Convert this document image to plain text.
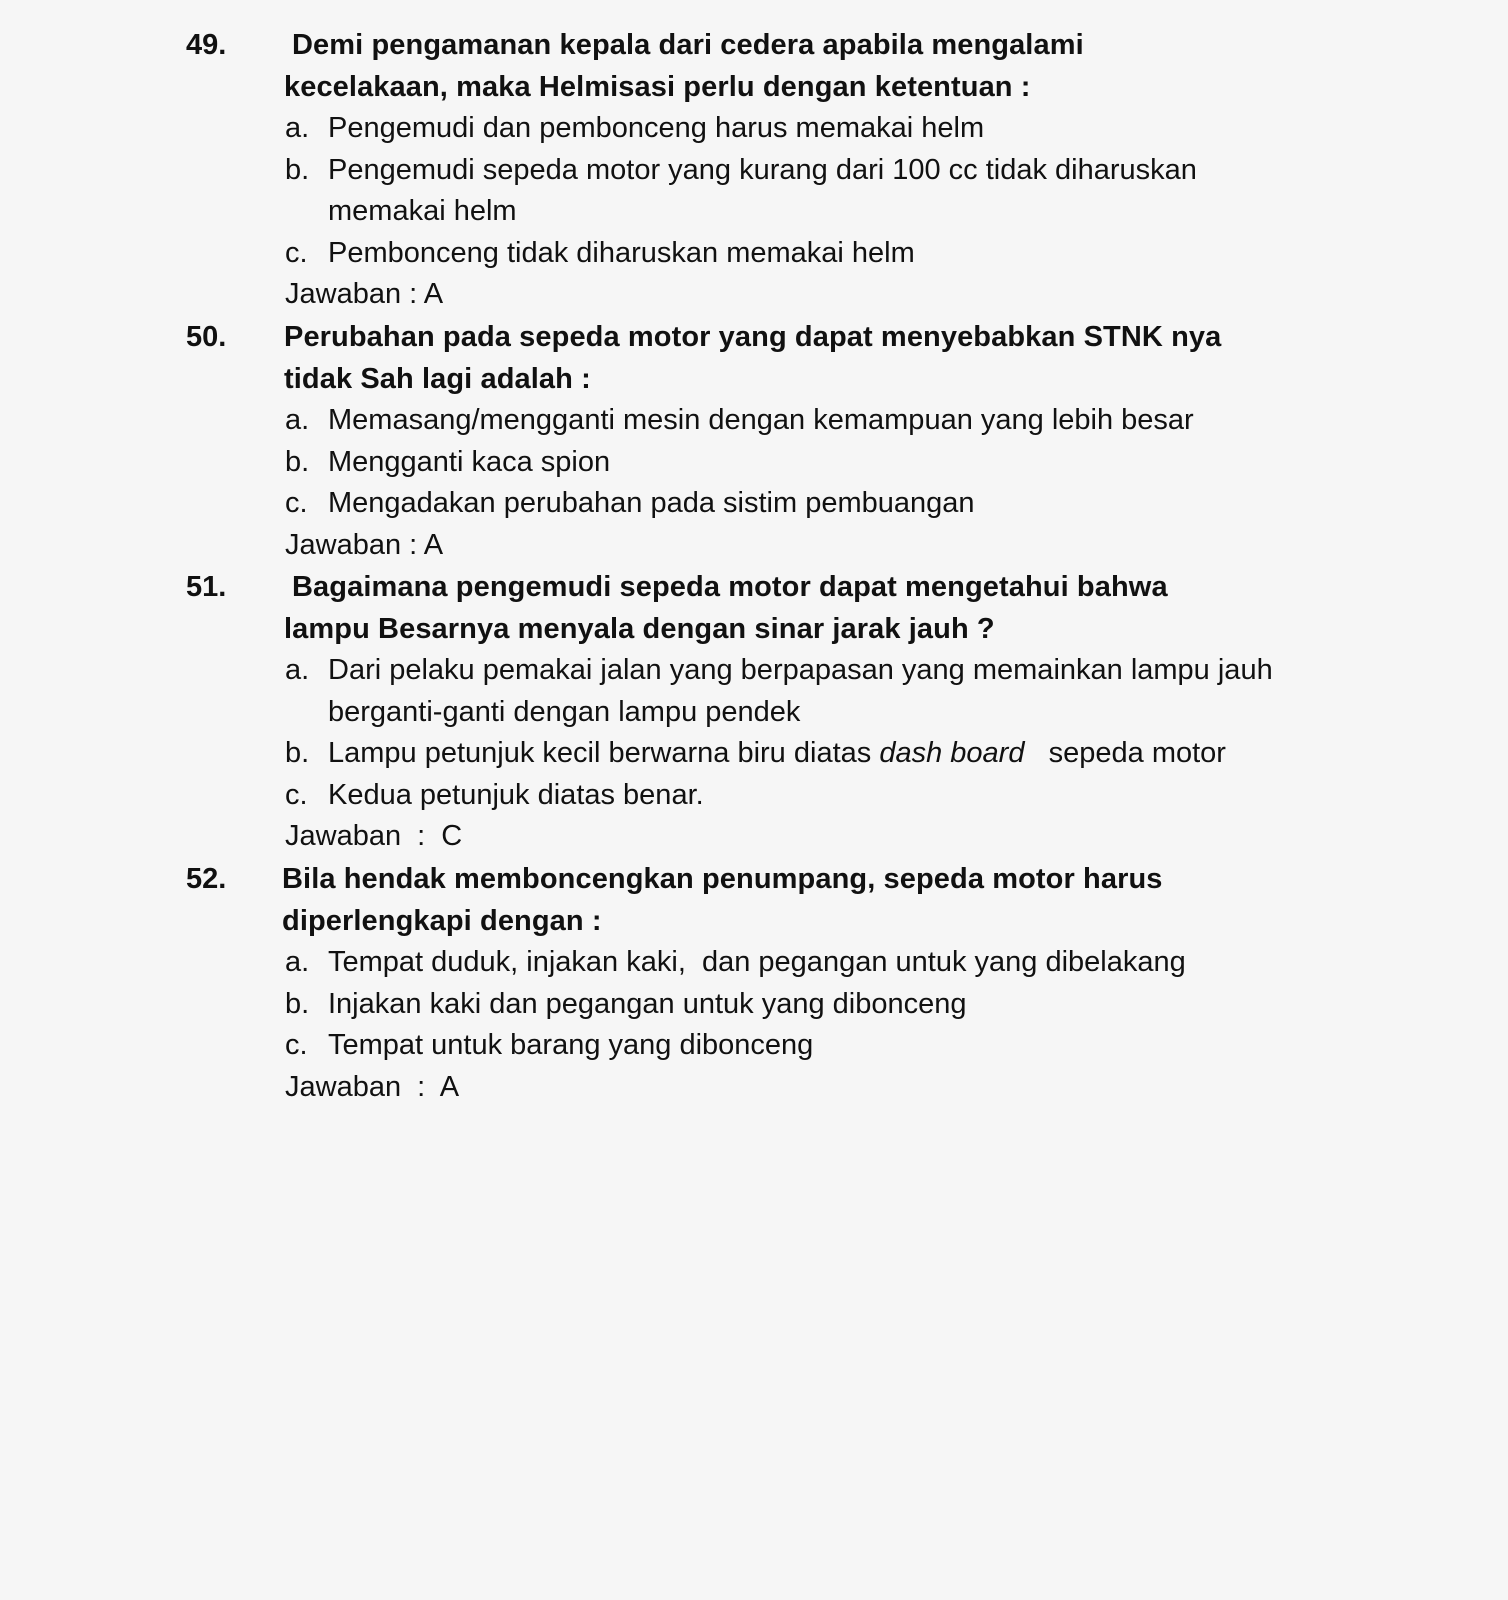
49. Demi pengamanan kepala dari cedera apabila mengalami
kecelakaan, maka Helmisasi perlu dengan ketentuan :
a. Pengemudi dan pembonceng harus memakai helm
b. Pengemudi sepeda motor yang kurang dari 100 cc tidak diharuskan memakai helm
c. Pembonceng tidak diharuskan memakai helm
Jawaban : A
50. Perubahan pada sepeda motor yang dapat menyebabkan STNK nya
tidak Sah lagi adalah :
a. Memasang/mengganti mesin dengan kemampuan yang lebih besar
b. Mengganti kaca spion
c. Mengadakan perubahan pada sistim pembuangan
Jawaban : A
51. Bagaimana pengemudi sepeda motor dapat mengetahui bahwa
lampu Besarnya menyala dengan sinar jarak jauh ?
a. Dari pelaku pemakai jalan yang berpapasan yang memainkan lampu jauh berganti-ganti dengan lampu pendek
b. Lampu petunjuk kecil berwarna biru diatas dash board sepeda motor
c. Kedua petunjuk diatas benar.
Jawaban : C
52. Bila hendak memboncengkan penumpang, sepeda motor harus
diperlengkapi dengan :
a. Tempat duduk, injakan kaki,  dan pegangan untuk yang dibelakang
b. Injakan kaki dan pegangan untuk yang dibonceng
c. Tempat untuk barang yang dibonceng
Jawaban : A
